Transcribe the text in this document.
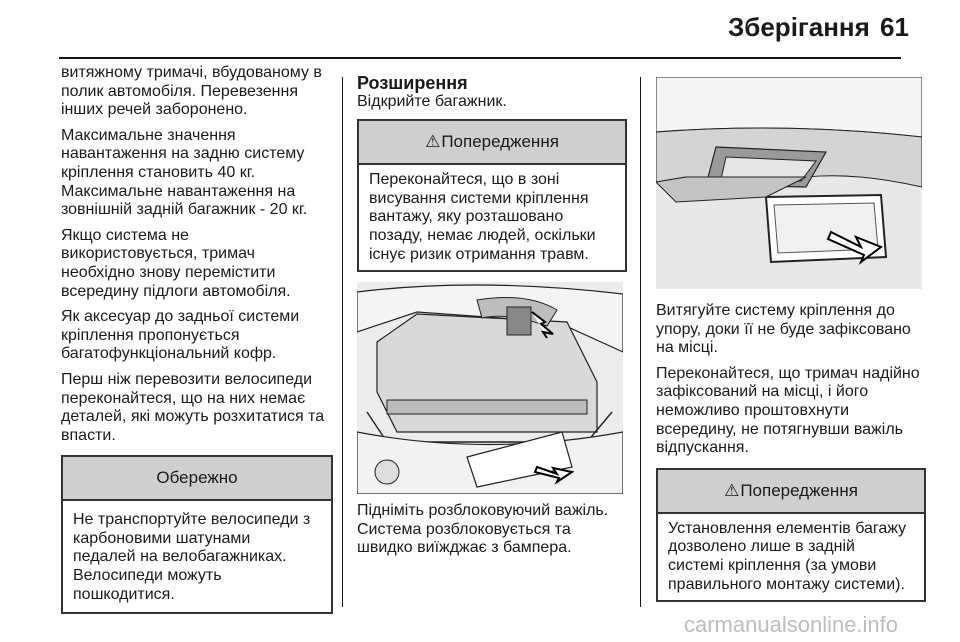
Зберігання 61

витяжному тримачі, вбудованому в
полик автомобіля. Перевезення
інших речей заборонено.

Максимальне значення
навантаження на задню систему
кріплення становить 40 кг.
Максимальне навантаження на
зовнішній задній багажник - 20 кг.

Якщо система не
використовується, тримач
необхідно знову перемістити
всередину підлоги автомобіля.

Як аксесуар до задньої системи
кріплення пропонується
багатофункціональний кофр.

Перш ніж перевозити велосипеди
переконайтеся, що на них немає
деталей, які можуть розхитатися та
впасти.

Обережно
Не транспортуйте велосипеди з
карбоновими шатунами
педалей на велобагажниках.
Велосипеди можуть
пошкодитися.
Розширення

Відкрийте багажник.

⚠Попередження
Переконайтеся, що в зоні
висування системи кріплення
вантажу, яку розташовано
позаду, немає людей, оскільки
існує ризик отримання травм.

Підніміть розблоковуючий важіль.
Система розблоковується та
швидко виїжджає з бампера.

Витягуйте систему кріплення до
упору, доки її не буде зафіксовано
на місці.

Переконайтеся, що тримач надійно
зафіксований на місці, і його
неможливо проштовхнути
всередину, не потягнувши важіль
відпускання.

⚠Попередження
Установлення елементів багажу
дозволено лише в задній
системі кріплення (за умови
правильного монтажу системи).
carmanualsonline.info
